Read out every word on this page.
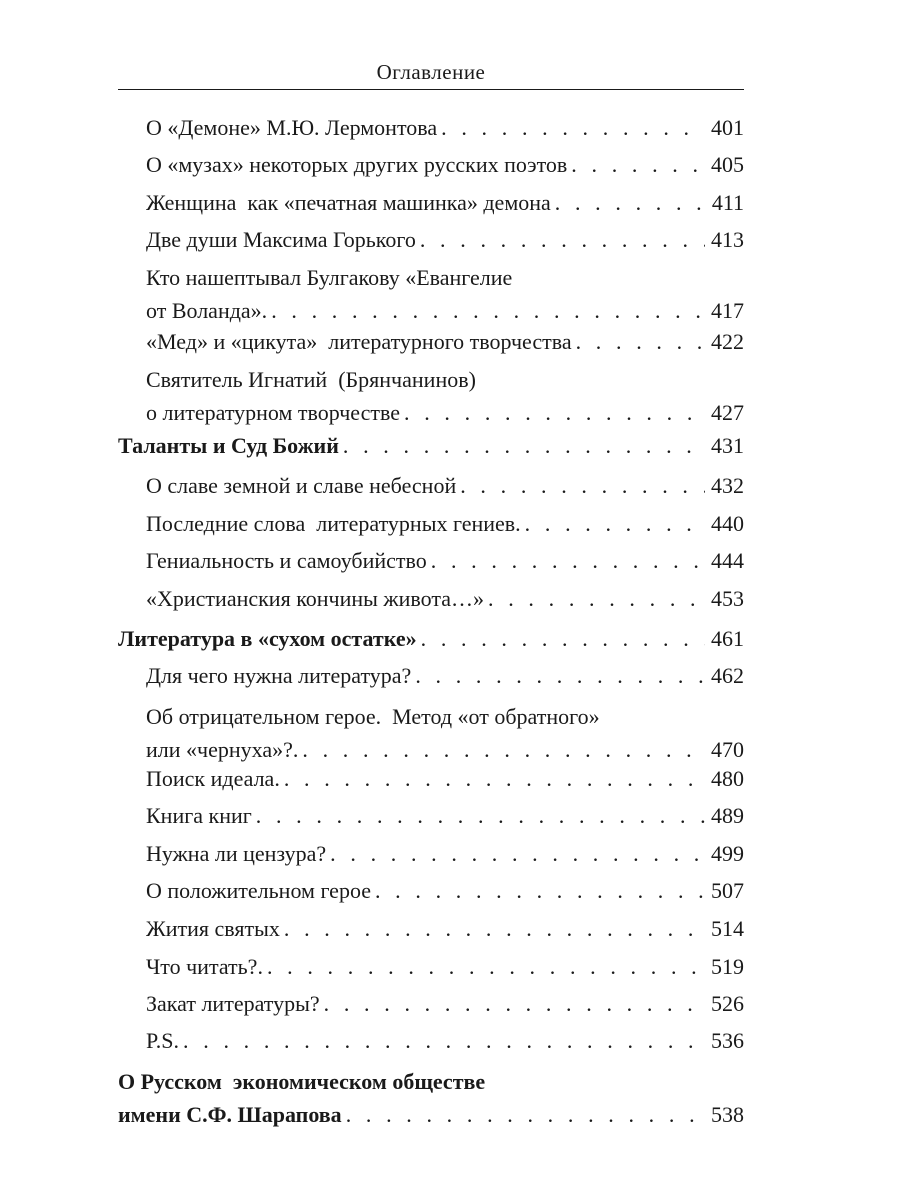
Оглавление
О «Демоне» М.Ю. Лермонтова . . .	401
О «музах» некоторых других русских поэтов . . .	405
Женщина  как «печатная машинка» демона . . .	411
Две души Максима Горького . . .	413
Кто нашептывал Булгакову «Евангелие
от Воланда». . . .	417
«Мед» и «цикута»  литературного творчества . . .	422
Святитель Игнатий  (Брянчанинов)
о литературном творчестве . . .	427
Таланты и Суд Божий . . .	431
О славе земной и славе небесной . . .	432
Последние слова  литературных гениев. . . .	440
Гениальность и самоубийство . . .	444
«Христианския кончины живота…» . . .	453
Литература в «сухом остатке» . . .	461
Для чего нужна литература? . . .	462
Об отрицательном герое.  Метод «от обратного»
или «чернуха»?. . . .	470
Поиск идеала. . . .	480
Книга книг . . .	489
Нужна ли цензура? . . .	499
О положительном герое . . .	507
Жития святых . . .	514
Что читать?. . . .	519
Закат литературы? . . .	526
P.S. . . .	536
О Русском  экономическом обществе
имени С.Ф. Шарапова . . .	538
